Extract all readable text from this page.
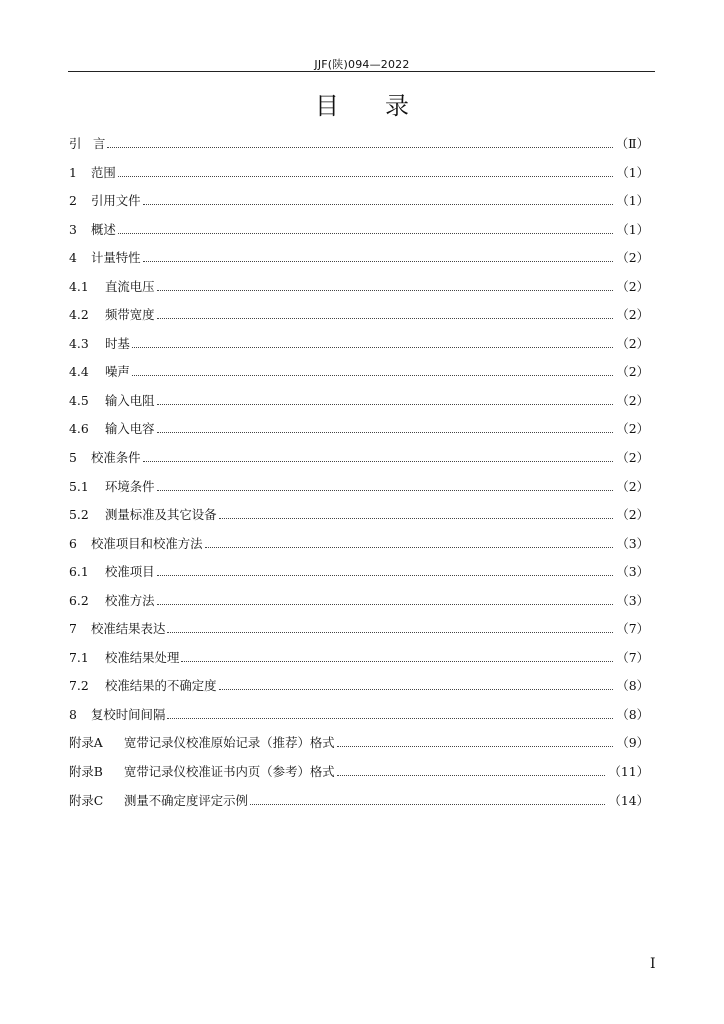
JJF(陕)094—2022
目录
引 言	（Ⅱ）
1 范围	（1）
2 引用文件	（1）
3 概述	（1）
4 计量特性	（2）
4.1 直流电压	（2）
4.2 频带宽度	（2）
4.3 时基	（2）
4.4 噪声	（2）
4.5 输入电阻	（2）
4.6 输入电容	（2）
5 校准条件	（2）
5.1 环境条件	（2）
5.2 测量标准及其它设备	（2）
6 校准项目和校准方法	（3）
6.1 校准项目	（3）
6.2 校准方法	（3）
7 校准结果表达	（7）
7.1 校准结果处理	（7）
7.2 校准结果的不确定度	（8）
8 复校时间间隔	（8）
附录A 宽带记录仪校准原始记录（推荐）格式	（9）
附录B 宽带记录仪校准证书内页（参考）格式	（11）
附录C 测量不确定度评定示例	（14）
I
